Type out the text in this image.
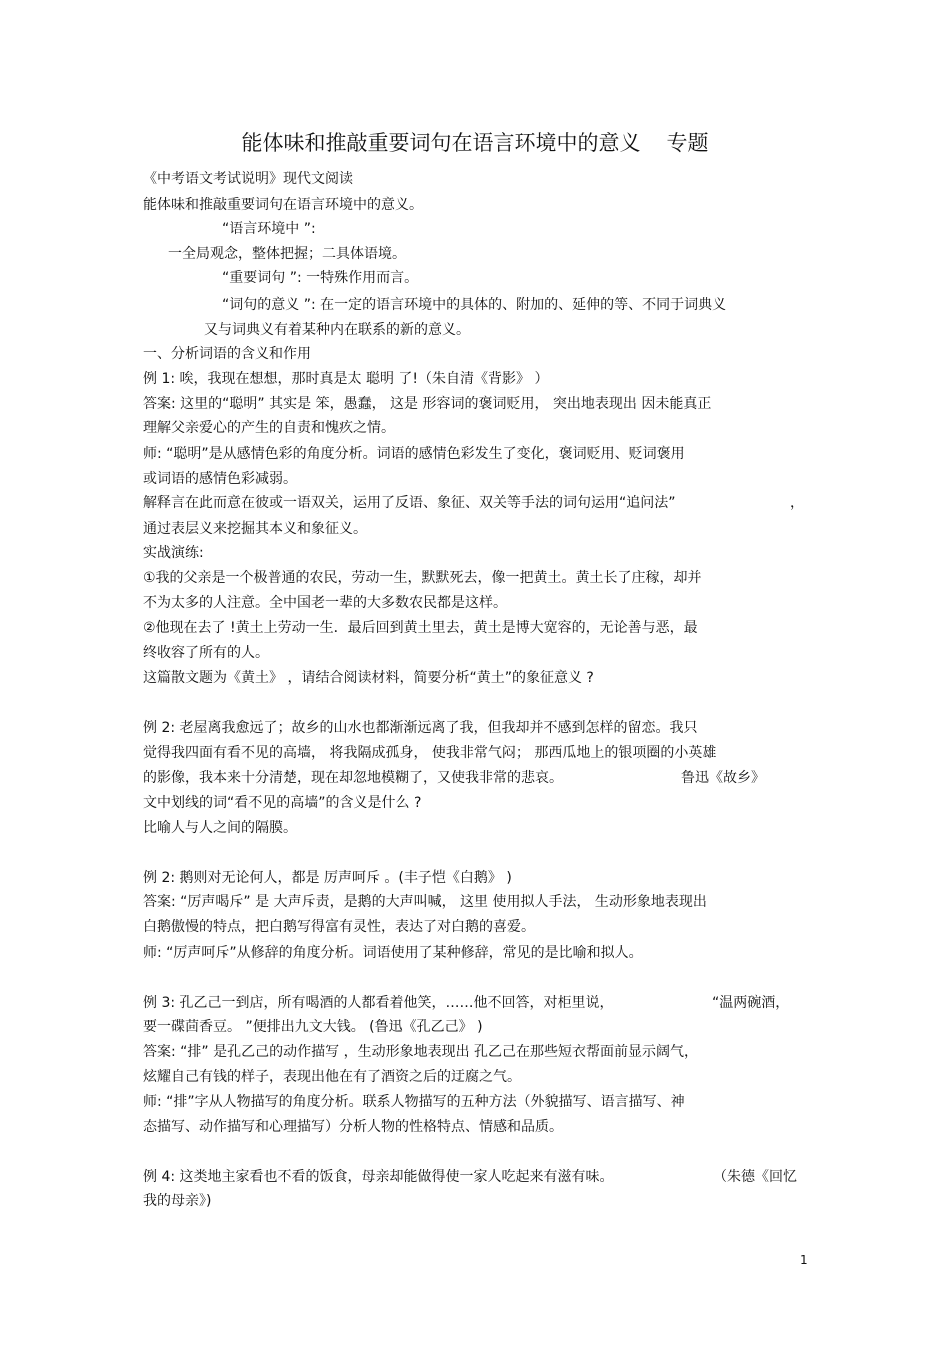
能体味和推敲重要词句在语言环境中的意义 专题
《中考语文考试说明》现代文阅读
能体味和推敲重要词句在语言环境中的意义。
“语言环境中 ”:
一全局观念，整体把握；二具体语境。
“重要词句 ”: 一特殊作用而言。
“词句的意义 ”: 在一定的语言环境中的具体的、附加的、延伸的等、不同于词典义
又与词典义有着某种内在联系的新的意义。
一、分析词语的含义和作用
例 1: 唉，我现在想想，那时真是太 聪明 了!（朱自清《背影》 ）
答案: 这里的“聪明” 其实是 笨，愚蠢， 这是 形容词的褒词贬用， 突出地表现出 因未能真正
理解父亲爱心的产生的自责和愧疚之情。
师: “聪明”是从感情色彩的角度分析。词语的感情色彩发生了变化，褒词贬用、贬词褒用
或词语的感情色彩减弱。
解释言在此而意在彼或一语双关，运用了反语、象征、双关等手法的词句运用“追问法”	，
通过表层义来挖掘其本义和象征义。
实战演练:
①我的父亲是一个极普通的农民，劳动一生，默默死去，像一把黄土。黄土长了庄稼，却并
不为太多的人注意。全中国老一辈的大多数农民都是这样。
②他现在去了 !黄土上劳动一生．最后回到黄土里去，黄土是博大宽容的，无论善与恶，最
终收容了所有的人。
这篇散文题为《黄土》 ，请结合阅读材料，简要分析“黄土”的象征意义 ?
例 2: 老屋离我愈远了；故乡的山水也都渐渐远离了我，但我却并不感到怎样的留恋。我只
觉得我四面有看不见的高墙， 将我隔成孤身， 使我非常气闷； 那西瓜地上的银项圈的小英雄
的影像，我本来十分清楚，现在却忽地模糊了，又使我非常的悲哀。	鲁迅《故乡》
文中划线的词“看不见的高墙”的含义是什么 ?
比喻人与人之间的隔膜。
例 2: 鹅则对无论何人，都是 厉声呵斥 。(丰子恺《白鹅》 )
答案: “厉声喝斥” 是 大声斥责，是鹅的大声叫喊， 这里 使用拟人手法， 生动形象地表现出
白鹅傲慢的特点，把白鹅写得富有灵性，表达了对白鹅的喜爱。
师: “厉声呵斥”从修辞的角度分析。词语使用了某种修辞，常见的是比喻和拟人。
例 3: 孔乙己一到店，所有喝酒的人都看着他笑，……他不回答，对柜里说，	“温两碗酒，
要一碟茴香豆。 ”便排出九文大钱。 (鲁迅《孔乙己》 )
答案: “排” 是孔乙己的动作描写 ，生动形象地表现出 孔乙己在那些短衣帮面前显示阔气，
炫耀自己有钱的样子，表现出他在有了酒资之后的迂腐之气。
师: “排”字从人物描写的角度分析。联系人物描写的五种方法（外貌描写、语言描写、神
态描写、动作描写和心理描写）分析人物的性格特点、情感和品质。
例 4: 这类地主家看也不看的饭食，母亲却能做得使一家人吃起来有滋有味。	（朱德《回忆
我的母亲》)
1
